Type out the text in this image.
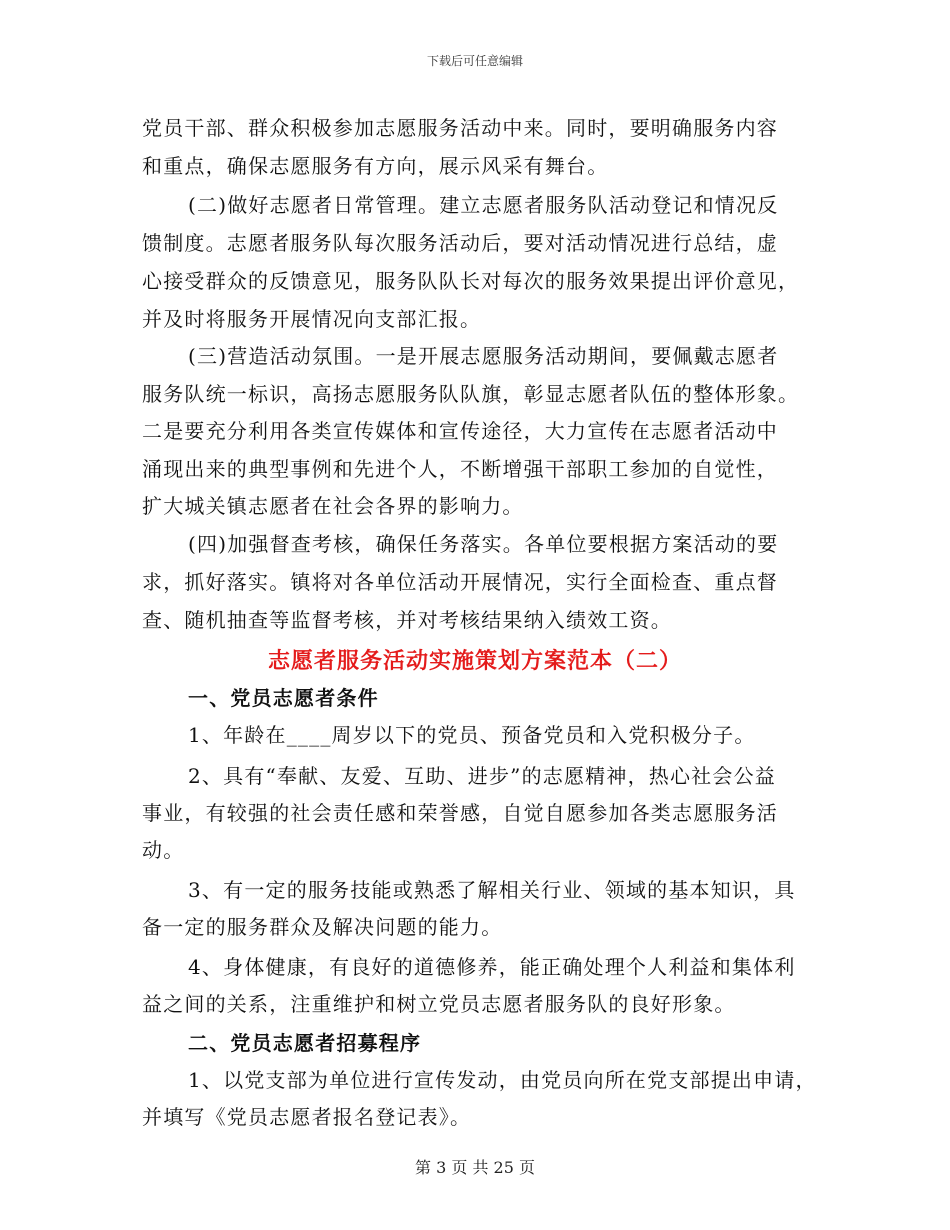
下载后可任意编辑
党员干部、群众积极参加志愿服务活动中来。同时，要明确服务内容
和重点，确保志愿服务有方向，展示风采有舞台。
(二)做好志愿者日常管理。建立志愿者服务队活动登记和情况反
馈制度。志愿者服务队每次服务活动后，要对活动情况进行总结，虚
心接受群众的反馈意见，服务队队长对每次的服务效果提出评价意见，
并及时将服务开展情况向支部汇报。
(三)营造活动氛围。一是开展志愿服务活动期间，要佩戴志愿者
服务队统一标识，高扬志愿服务队队旗，彰显志愿者队伍的整体形象。
二是要充分利用各类宣传媒体和宣传途径，大力宣传在志愿者活动中
涌现出来的典型事例和先进个人，不断增强干部职工参加的自觉性，
扩大城关镇志愿者在社会各界的影响力。
(四)加强督查考核，确保任务落实。各单位要根据方案活动的要
求，抓好落实。镇将对各单位活动开展情况，实行全面检查、重点督
查、随机抽查等监督考核，并对考核结果纳入绩效工资。
志愿者服务活动实施策划方案范本（二）
一、党员志愿者条件
1、年龄在____周岁以下的党员、预备党员和入党积极分子。
2、具有“奉献、友爱、互助、进步”的志愿精神，热心社会公益
事业，有较强的社会责任感和荣誉感，自觉自愿参加各类志愿服务活
动。
3、有一定的服务技能或熟悉了解相关行业、领域的基本知识，具
备一定的服务群众及解决问题的能力。
4、身体健康，有良好的道德修养，能正确处理个人利益和集体利
益之间的关系，注重维护和树立党员志愿者服务队的良好形象。
二、党员志愿者招募程序
1、以党支部为单位进行宣传发动，由党员向所在党支部提出申请，
并填写《党员志愿者报名登记表》。
第 3 页 共 25 页
